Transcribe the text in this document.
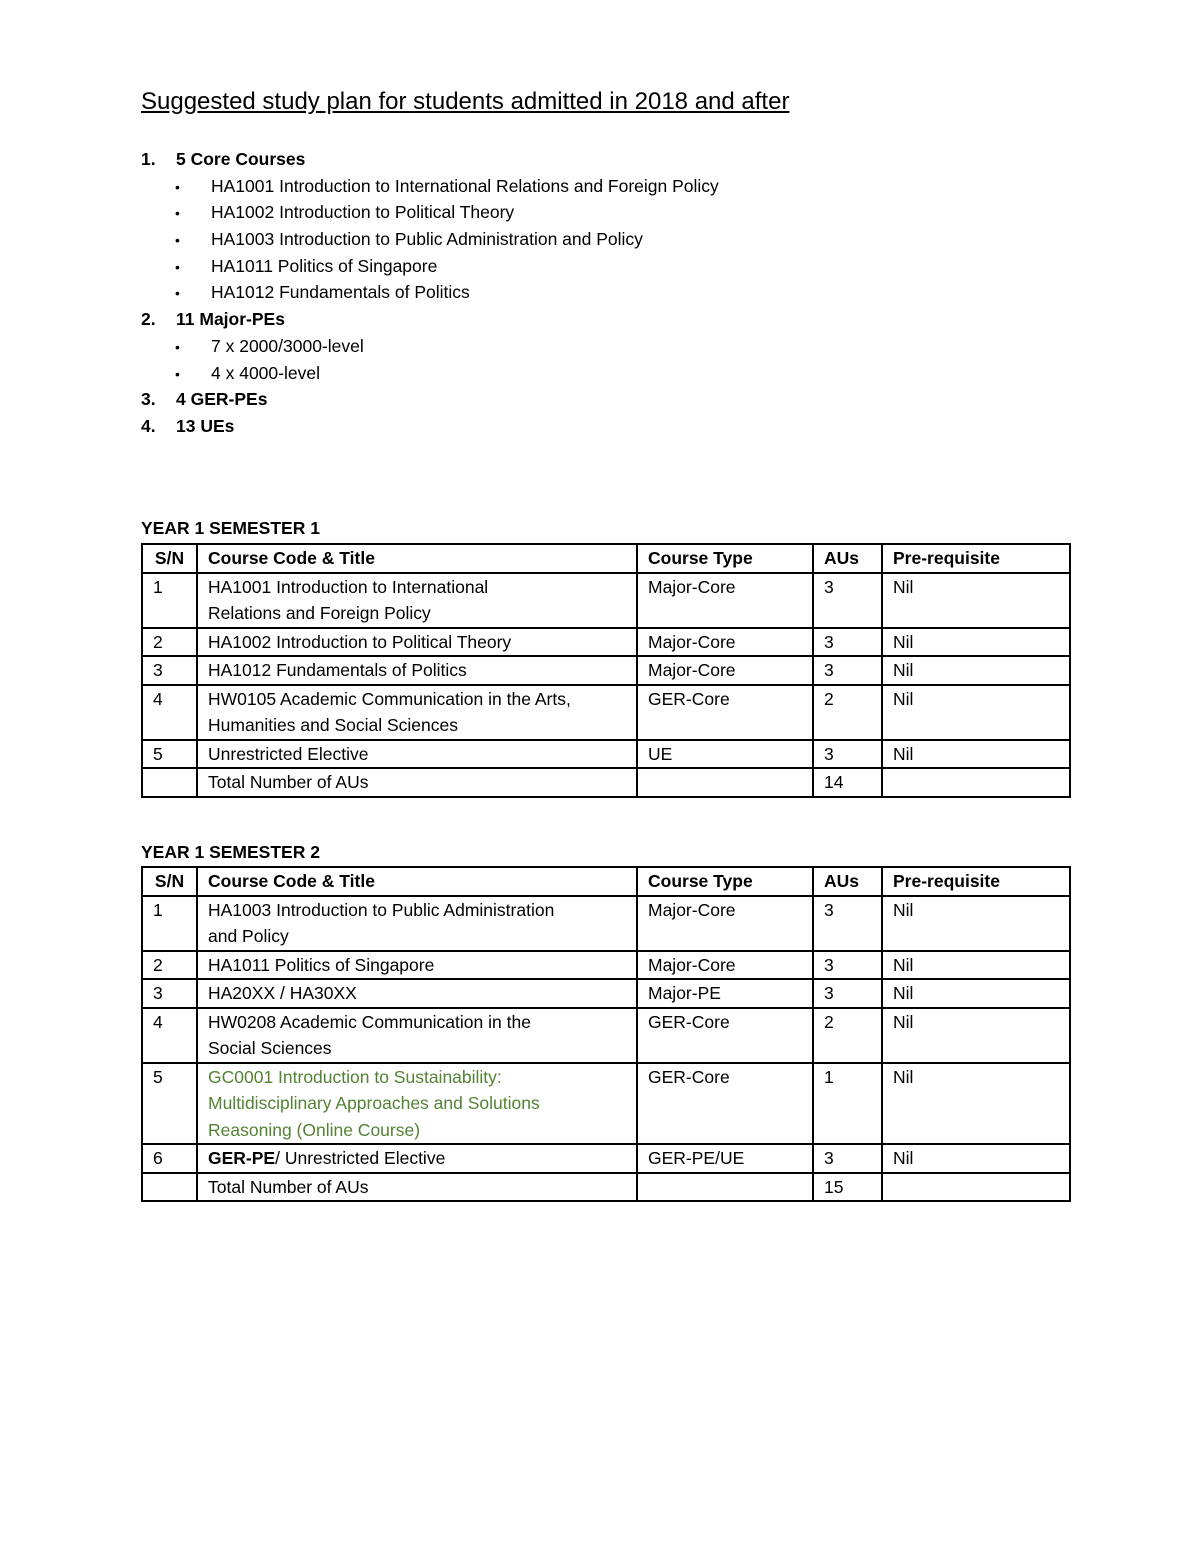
Suggested study plan for students admitted in 2018 and after
1. 5 Core Courses
• HA1001 Introduction to International Relations and Foreign Policy
• HA1002 Introduction to Political Theory
• HA1003 Introduction to Public Administration and Policy
• HA1011 Politics of Singapore
• HA1012 Fundamentals of Politics
2. 11 Major-PEs
• 7 x 2000/3000-level
• 4 x 4000-level
3. 4 GER-PEs
4. 13 UEs
YEAR 1 SEMESTER 1
S/N	Course Code & Title	Course Type	AUs	Pre-requisite
1	HA1001 Introduction to International
Relations and Foreign Policy	Major-Core	3	Nil
2	HA1002 Introduction to Political Theory	Major-Core	3	Nil
3	HA1012 Fundamentals of Politics	Major-Core	3	Nil
4	HW0105 Academic Communication in the Arts,
Humanities and Social Sciences	GER-Core	2	Nil
5	Unrestricted Elective	UE	3	Nil
	Total Number of AUs		14	
YEAR 1 SEMESTER 2
S/N	Course Code & Title	Course Type	AUs	Pre-requisite
1	HA1003 Introduction to Public Administration
and Policy	Major-Core	3	Nil
2	HA1011 Politics of Singapore	Major-Core	3	Nil
3	HA20XX / HA30XX	Major-PE	3	Nil
4	HW0208 Academic Communication in the
Social Sciences	GER-Core	2	Nil
5	GC0001 Introduction to Sustainability:
Multidisciplinary Approaches and Solutions
Reasoning (Online Course)	GER-Core	1	Nil
6	GER-PE/ Unrestricted Elective	GER-PE/UE	3	Nil
	Total Number of AUs		15	
